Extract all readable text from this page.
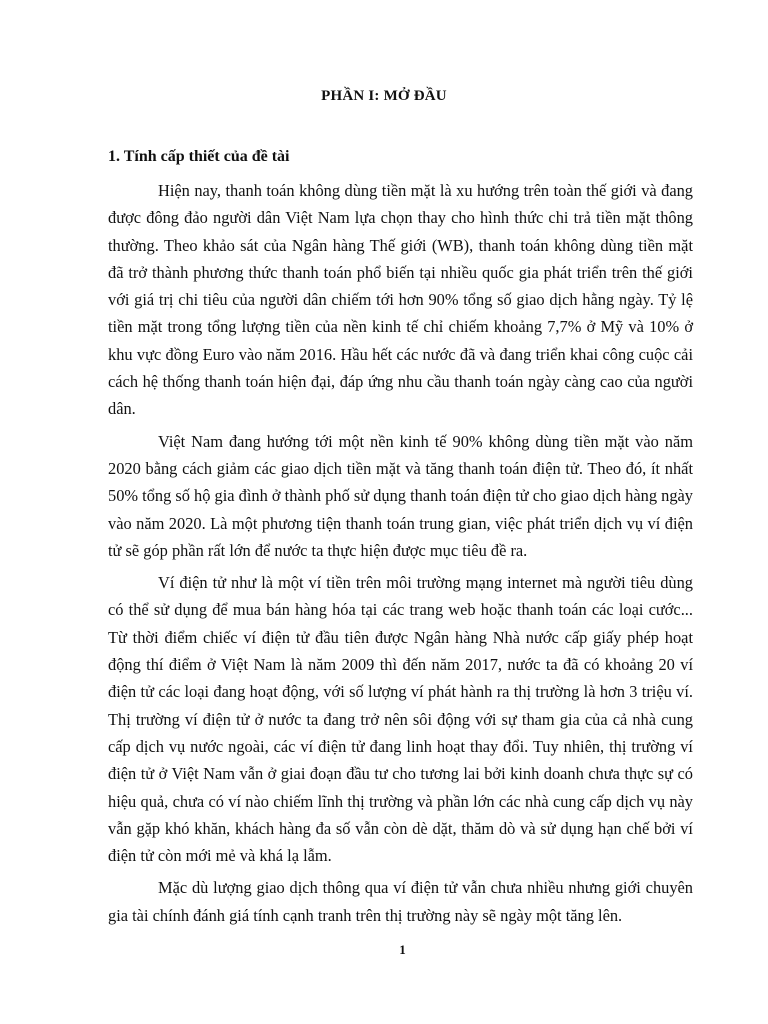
PHẦN I: MỞ ĐẦU
1. Tính cấp thiết của đề tài

Hiện nay, thanh toán không dùng tiền mặt là xu hướng trên toàn thế giới và đang được đông đảo người dân Việt Nam lựa chọn thay cho hình thức chi trả tiền mặt thông thường. Theo khảo sát của Ngân hàng Thế giới (WB), thanh toán không dùng tiền mặt đã trở thành phương thức thanh toán phổ biến tại nhiều quốc gia phát triển trên thế giới với giá trị chi tiêu của người dân chiếm tới hơn 90% tổng số giao dịch hằng ngày. Tỷ lệ tiền mặt trong tổng lượng tiền của nền kinh tế chỉ chiếm khoảng 7,7% ở Mỹ và 10% ở khu vực đồng Euro vào năm 2016. Hầu hết các nước đã và đang triển khai công cuộc cải cách hệ thống thanh toán hiện đại, đáp ứng nhu cầu thanh toán ngày càng cao của người dân.

Việt Nam đang hướng tới một nền kinh tế 90% không dùng tiền mặt vào năm 2020 bằng cách giảm các giao dịch tiền mặt và tăng thanh toán điện tử. Theo đó, ít nhất 50% tổng số hộ gia đình ở thành phố sử dụng thanh toán điện tử cho giao dịch hàng ngày vào năm 2020. Là một phương tiện thanh toán trung gian, việc phát triển dịch vụ ví điện tử sẽ góp phần rất lớn để nước ta thực hiện được mục tiêu đề ra.

Ví điện tử như là một ví tiền trên môi trường mạng internet mà người tiêu dùng có thể sử dụng để mua bán hàng hóa tại các trang web hoặc thanh toán các loại cước... Từ thời điểm chiếc ví điện tử đầu tiên được Ngân hàng Nhà nước cấp giấy phép hoạt động thí điểm ở Việt Nam là năm 2009 thì đến năm 2017, nước ta đã có khoảng 20 ví điện tử các loại đang hoạt động, với số lượng ví phát hành ra thị trường là hơn 3 triệu ví. Thị trường ví điện tử ở nước ta đang trở nên sôi động với sự tham gia của cả nhà cung cấp dịch vụ nước ngoài, các ví điện tử đang linh hoạt thay đổi. Tuy nhiên, thị trường ví điện tử ở Việt Nam vẫn ở giai đoạn đầu tư cho tương lai bởi kinh doanh chưa thực sự có hiệu quả, chưa có ví nào chiếm lĩnh thị trường và phần lớn các nhà cung cấp dịch vụ này vẫn gặp khó khăn, khách hàng đa số vẫn còn dè dặt, thăm dò và sử dụng hạn chế bởi ví điện tử còn mới mẻ và khá lạ lẫm.

Mặc dù lượng giao dịch thông qua ví điện tử vẫn chưa nhiều nhưng giới chuyên gia tài chính đánh giá tính cạnh tranh trên thị trường này sẽ ngày một tăng lên.

1
